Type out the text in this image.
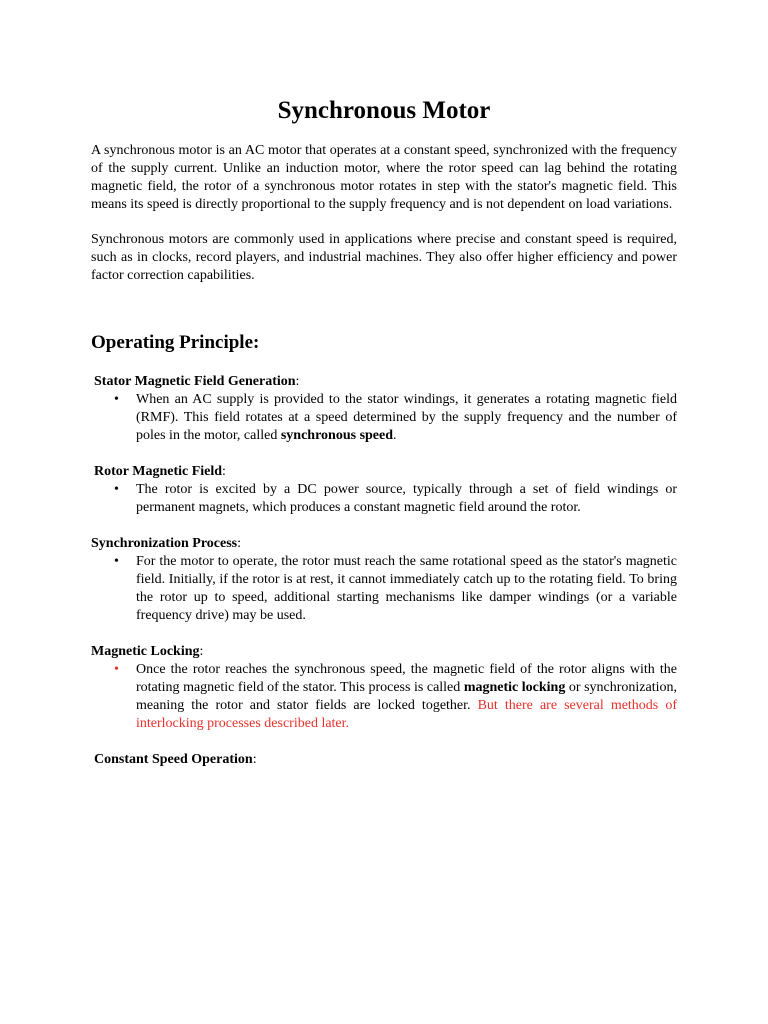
Synchronous Motor

A synchronous motor is an AC motor that operates at a constant speed, synchronized with the frequency of the supply current. Unlike an induction motor, where the rotor speed can lag behind the rotating magnetic field, the rotor of a synchronous motor rotates in step with the stator's magnetic field. This means its speed is directly proportional to the supply frequency and is not dependent on load variations.

Synchronous motors are commonly used in applications where precise and constant speed is required, such as in clocks, record players, and industrial machines. They also offer higher efficiency and power factor correction capabilities.

Operating Principle:
Stator Magnetic Field Generation:
• When an AC supply is provided to the stator windings, it generates a rotating magnetic field (RMF). This field rotates at a speed determined by the supply frequency and the number of poles in the motor, called synchronous speed.
Rotor Magnetic Field:
• The rotor is excited by a DC power source, typically through a set of field windings or permanent magnets, which produces a constant magnetic field around the rotor.
Synchronization Process:
• For the motor to operate, the rotor must reach the same rotational speed as the stator's magnetic field. Initially, if the rotor is at rest, it cannot immediately catch up to the rotating field. To bring the rotor up to speed, additional starting mechanisms like damper windings (or a variable frequency drive) may be used.
Magnetic Locking:
• Once the rotor reaches the synchronous speed, the magnetic field of the rotor aligns with the rotating magnetic field of the stator. This process is called magnetic locking or synchronization, meaning the rotor and stator fields are locked together. But there are several methods of interlocking processes described later.
Constant Speed Operation:
